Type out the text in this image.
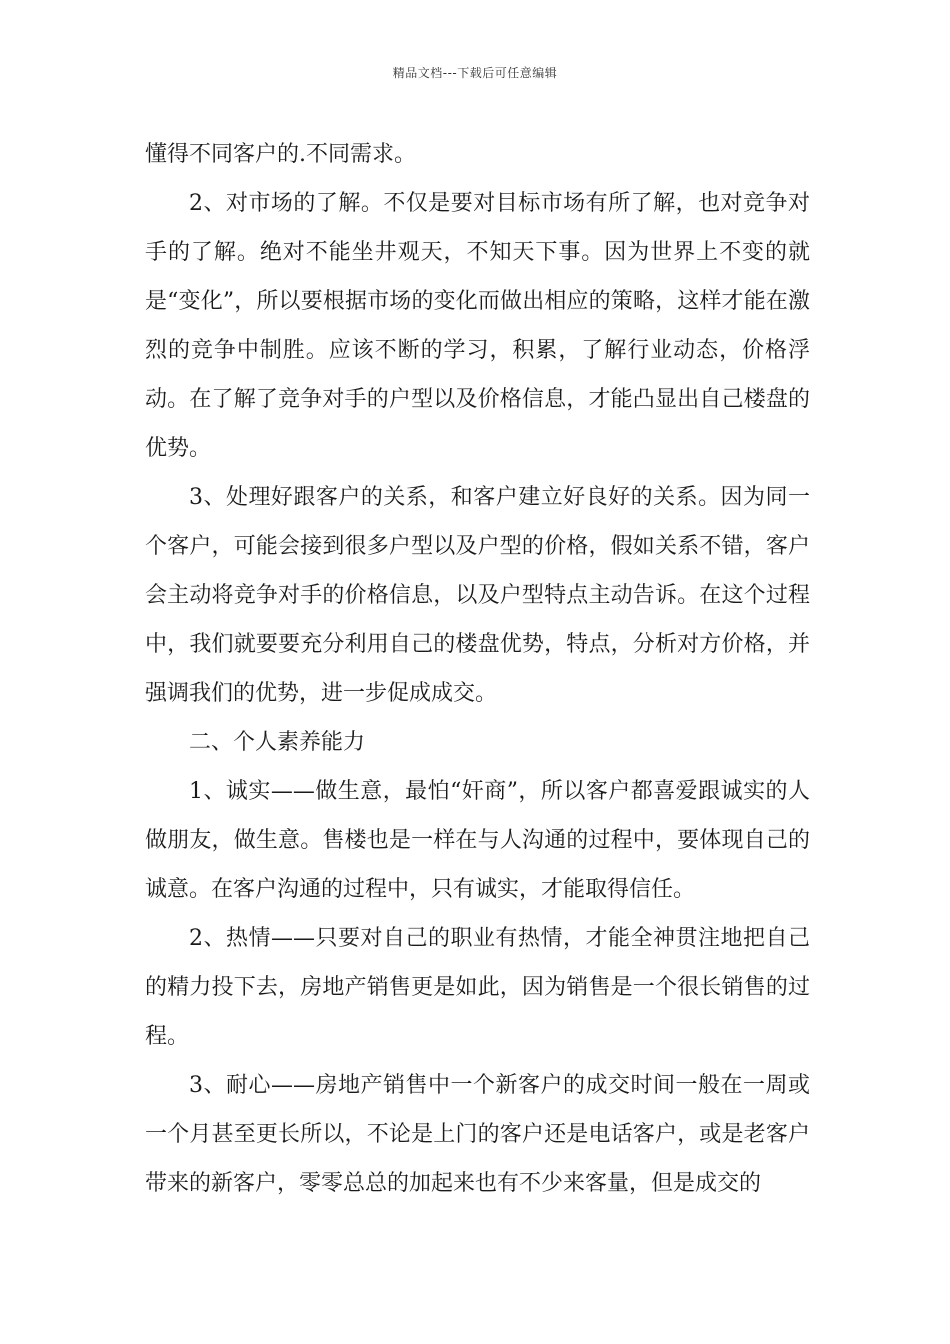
精品文档---下载后可任意编辑

懂得不同客户的.不同需求。

2、对市场的了解。不仅是要对目标市场有所了解，也对竞争对手的了解。绝对不能坐井观天，不知天下事。因为世界上不变的就是“变化”，所以要根据市场的变化而做出相应的策略，这样才能在激烈的竞争中制胜。应该不断的学习，积累，了解行业动态，价格浮动。在了解了竞争对手的户型以及价格信息，才能凸显出自己楼盘的优势。

3、处理好跟客户的关系，和客户建立好良好的关系。因为同一个客户，可能会接到很多户型以及户型的价格，假如关系不错，客户会主动将竞争对手的价格信息，以及户型特点主动告诉。在这个过程中，我们就要要充分利用自己的楼盘优势，特点，分析对方价格，并强调我们的优势，进一步促成成交。

二、个人素养能力

1、诚实——做生意，最怕“奸商”，所以客户都喜爱跟诚实的人做朋友，做生意。售楼也是一样在与人沟通的过程中，要体现自己的诚意。在客户沟通的过程中，只有诚实，才能取得信任。

2、热情——只要对自己的职业有热情，才能全神贯注地把自己的精力投下去，房地产销售更是如此，因为销售是一个很长销售的过程。

3、耐心——房地产销售中一个新客户的成交时间一般在一周或一个月甚至更长所以，不论是上门的客户还是电话客户，或是老客户带来的新客户，零零总总的加起来也有不少来客量，但是成交的
